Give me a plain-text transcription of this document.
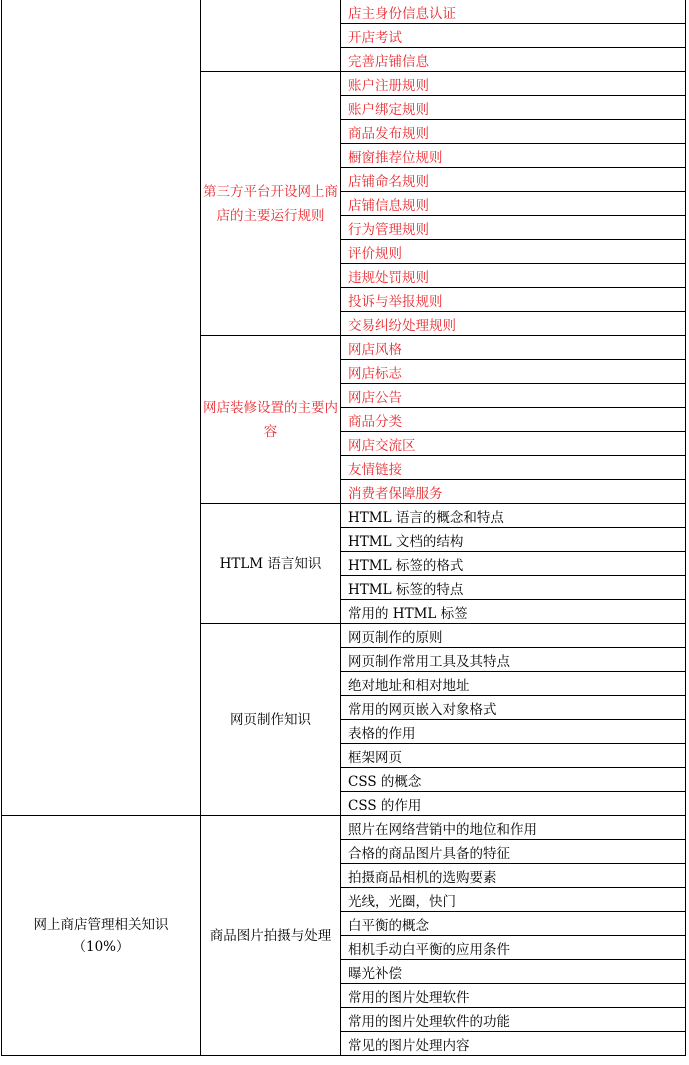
		店主身份信息认证
		开店考试
		完善店铺信息
	第三方平台开设网上商店的主要运行规则	账户注册规则
		账户绑定规则
		商品发布规则
		橱窗推荐位规则
		店铺命名规则
		店铺信息规则
		行为管理规则
		评价规则
		违规处罚规则
		投诉与举报规则
		交易纠纷处理规则
	网店装修设置的主要内容	网店风格
		网店标志
		网店公告
		商品分类
		网店交流区
		友情链接
		消费者保障服务
	HTLM 语言知识	HTML 语言的概念和特点
		HTML 文档的结构
		HTML 标签的格式
		HTML 标签的特点
		常用的 HTML 标签
	网页制作知识	网页制作的原则
		网页制作常用工具及其特点
		绝对地址和相对地址
		常用的网页嵌入对象格式
		表格的作用
		框架网页
		CSS 的概念
		CSS 的作用

网上商店管理相关知识
（10%）	商品图片拍摄与处理	照片在网络营销中的地位和作用
		合格的商品图片具备的特征
		拍摄商品相机的选购要素
		光线，光圈，快门
		白平衡的概念
		相机手动白平衡的应用条件
		曝光补偿
		常用的图片处理软件
		常用的图片处理软件的功能
		常见的图片处理内容
